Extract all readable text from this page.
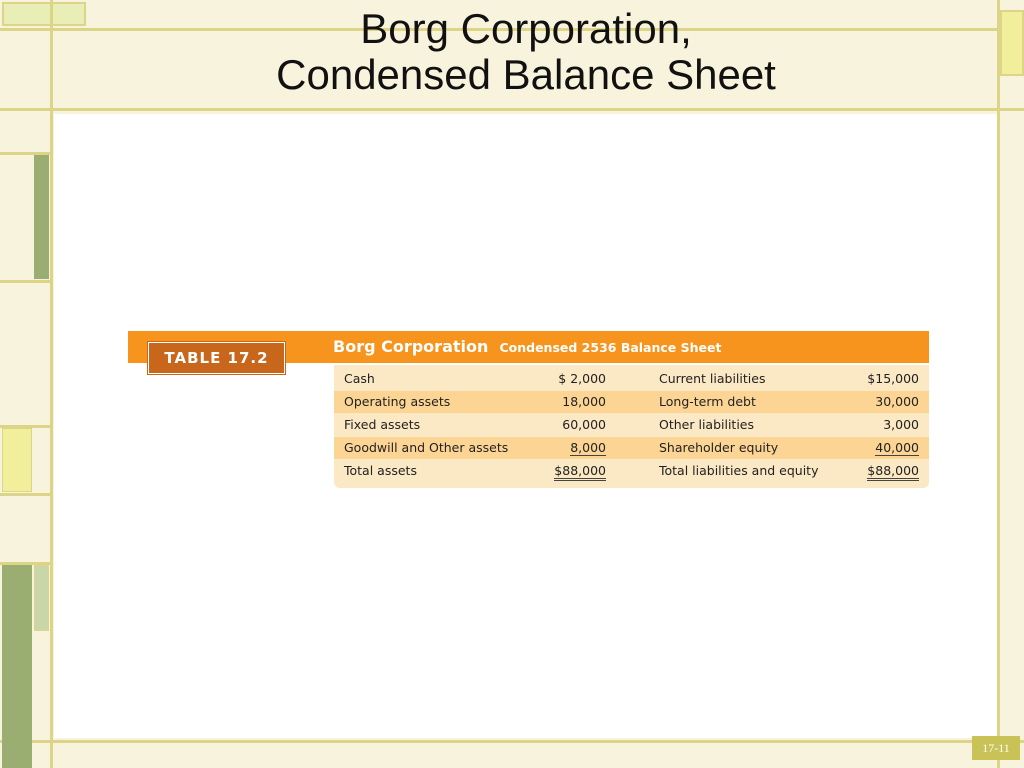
Borg Corporation,
Condensed Balance Sheet
TABLE 17.2
Borg Corporation Condensed 2536 Balance Sheet
Cash	$ 2,000	Current liabilities	$15,000
Operating assets	18,000	Long-term debt	30,000
Fixed assets	60,000	Other liabilities	3,000
Goodwill and Other assets	8,000	Shareholder equity	40,000
Total assets	$88,000	Total liabilities and equity	$88,000
17-11
